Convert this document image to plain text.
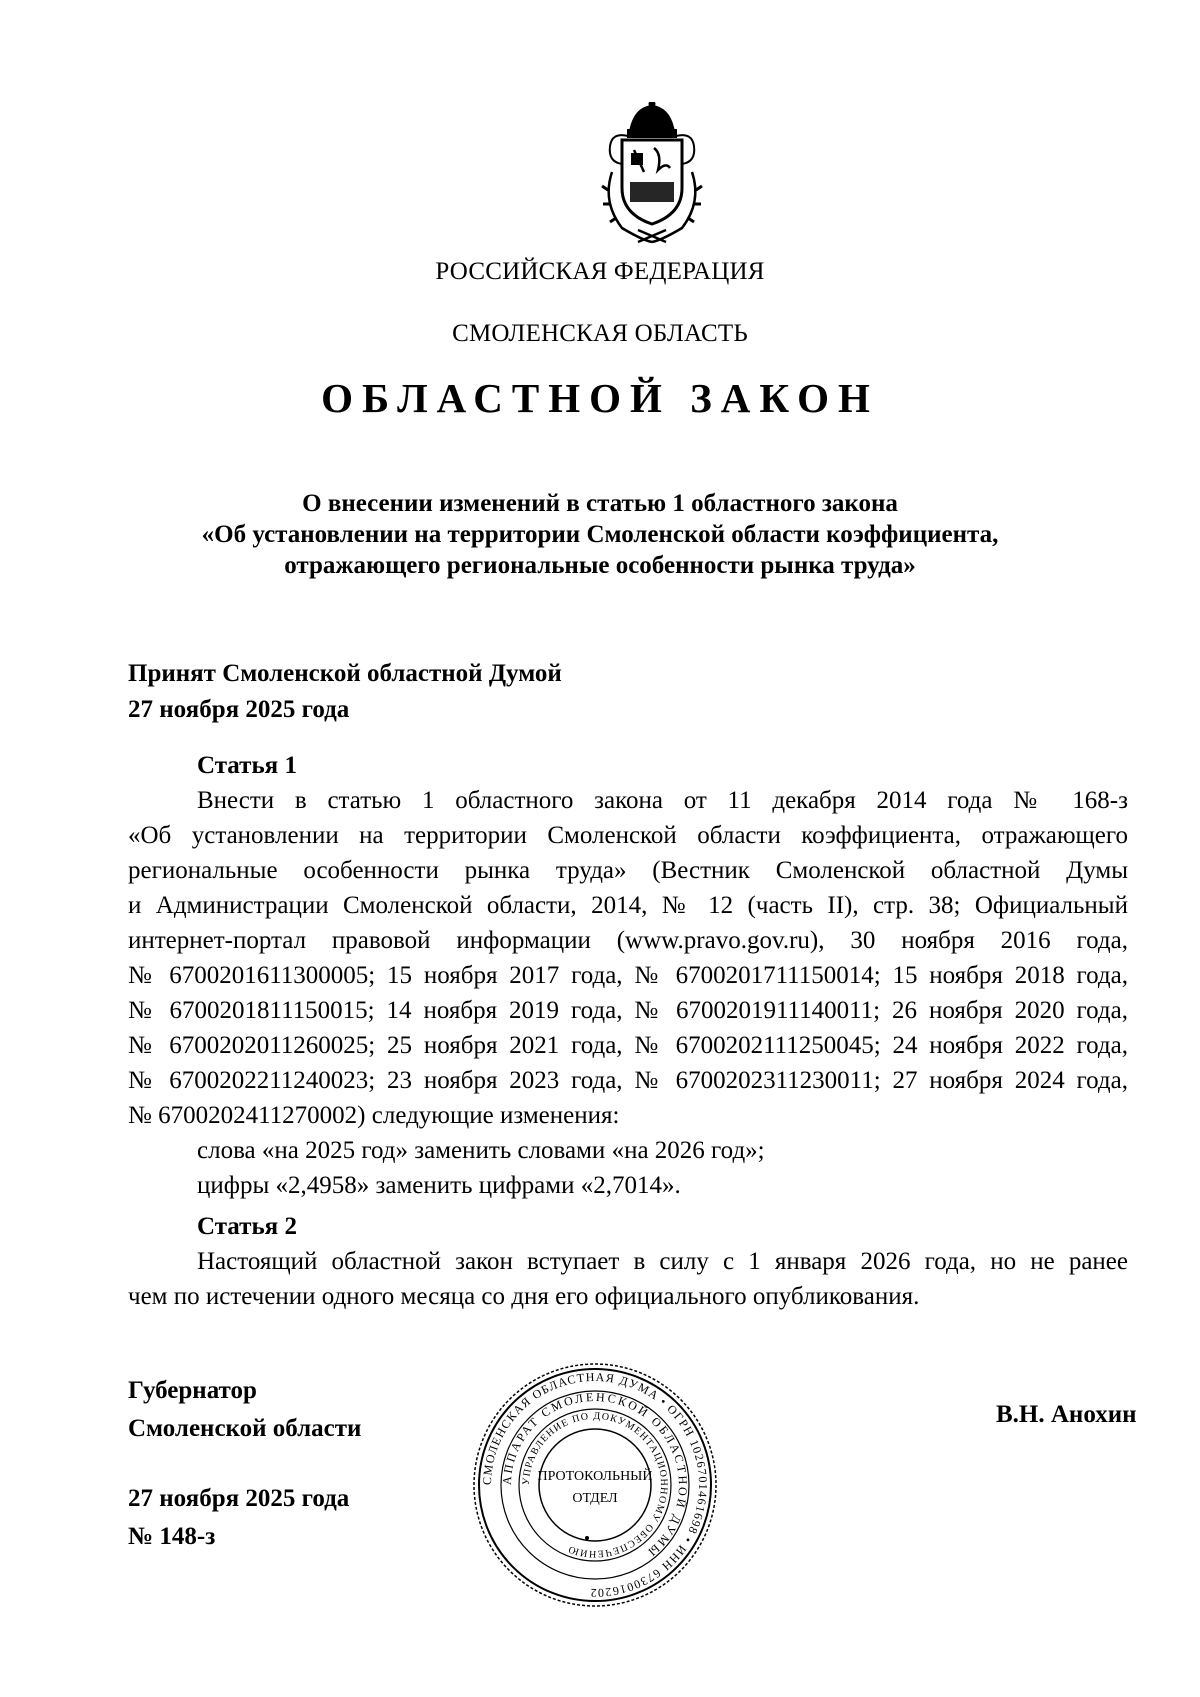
РОССИЙСКАЯ ФЕДЕРАЦИЯ
СМОЛЕНСКАЯ ОБЛАСТЬ
ОБЛАСТНОЙ ЗАКОН
О внесении изменений в статью 1 областного закона
«Об установлении на территории Смоленской области коэффициента,
отражающего региональные особенности рынка труда»
Принят Смоленской областной Думой
27 ноября 2025 года
Статья 1
Внести в статью 1 областного закона от 11 декабря 2014 года № 168-з
«Об установлении на территории Смоленской области коэффициента, отражающего
региональные особенности рынка труда» (Вестник Смоленской областной Думы
и Администрации Смоленской области, 2014, № 12 (часть II), стр. 38; Официальный
интернет-портал правовой информации (www.pravo.gov.ru), 30 ноября 2016 года,
№ 6700201611300005; 15 ноября 2017 года, № 6700201711150014; 15 ноября 2018 года,
№ 6700201811150015; 14 ноября 2019 года, № 6700201911140011; 26 ноября 2020 года,
№ 6700202011260025; 25 ноября 2021 года, № 6700202111250045; 24 ноября 2022 года,
№ 6700202211240023; 23 ноября 2023 года, № 6700202311230011; 27 ноября 2024 года,
№ 6700202411270002) следующие изменения:
слова «на 2025 год» заменить словами «на 2026 год»;
цифры «2,4958» заменить цифрами «2,7014».
Статья 2
Настоящий областной закон вступает в силу с 1 января 2026 года, но не ранее
чем по истечении одного месяца со дня его официального опубликования.
Губернатор
Смоленской области
В.Н. Анохин
27 ноября 2025 года
№ 148-з
СМОЛЕНСКАЯ ОБЛАСТНАЯ ДУМА • ОГРН 1026701461698 • ИНН 6730016202
АППАРАТ СМОЛЕНСКОЙ ОБЛАСТНОЙ ДУМЫ
УПРАВЛЕНИЕ ПО ДОКУМЕНТАЦИОННОМУ ОБЕСПЕЧЕНИЮ
ПРОТОКОЛЬНЫЙ
ОТДЕЛ
